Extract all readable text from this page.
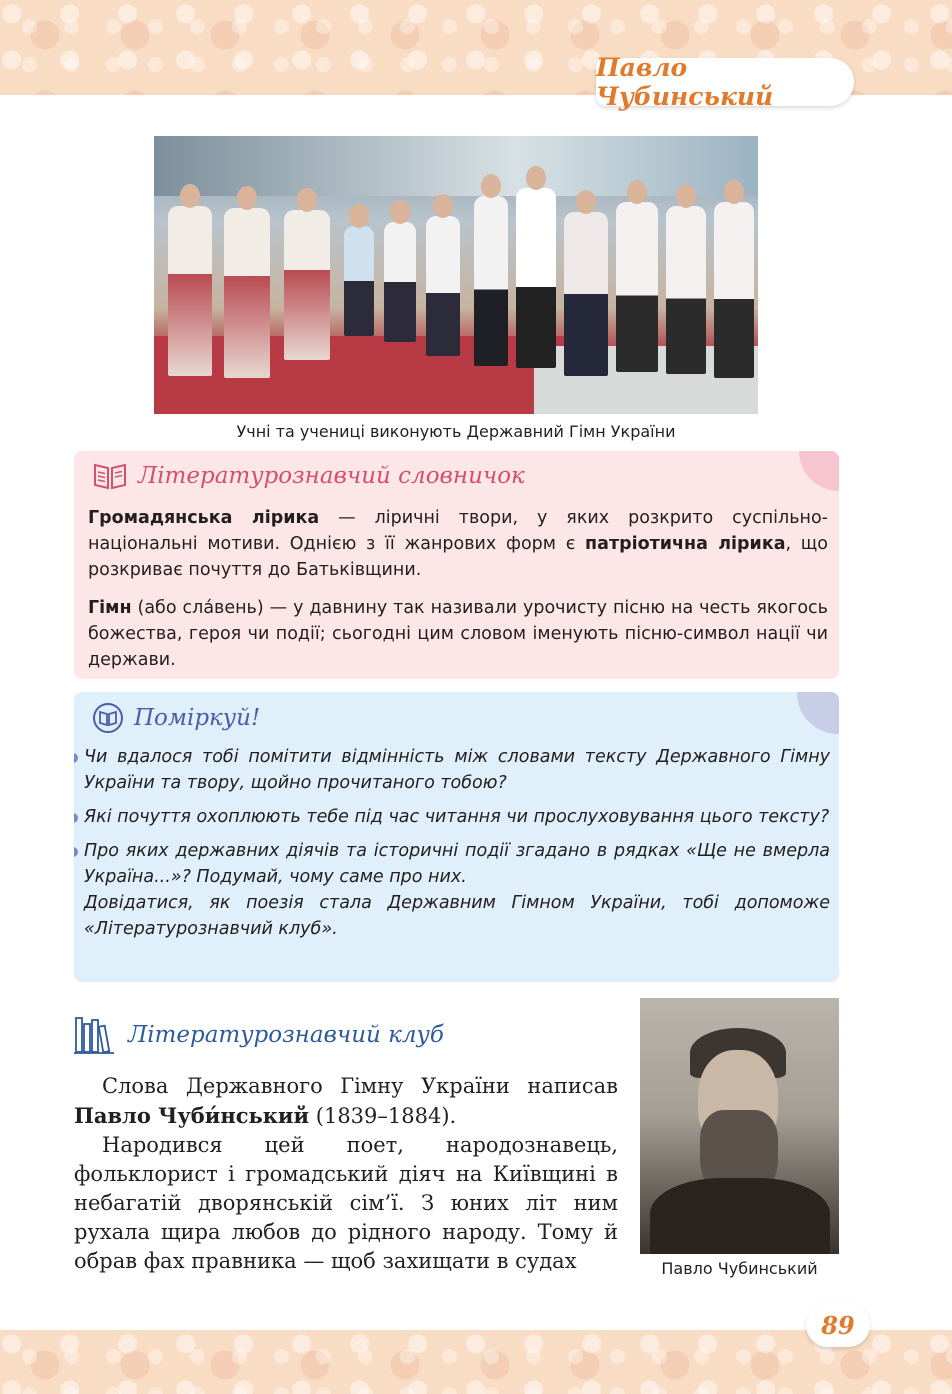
Павло Чубинський
Учні та учениці виконують Державний Гімн України
Літературознавчий словничок

Громадянська лірика — ліричні твори, у яких розкрито суспільно-національні мотиви. Однією з її жанрових форм є патріотична лірика, що розкриває почуття до Батьківщини.

Гімн (або сла́вень) — у давнину так називали урочисту пісню на честь якогось божества, героя чи події; сьогодні цим словом іменують пісню-символ нації чи держави.

Поміркуй!
Чи вдалося тобі помітити відмінність між словами тексту Державного Гімну України та твору, щойно прочитаного тобою?
Які почуття охоплюють тебе під час читання чи прослуховування цього тексту?
Про яких державних діячів та історичні події згадано в рядках «Ще не вмерла Україна...»? Подумай, чому саме про них.
Довідатися, як поезія стала Державним Гімном України, тобі допоможе «Літературознавчий клуб».
Літературознавчий клуб

Слова Державного Гімну України написав Павло Чуби́нський (1839–1884).

Народився цей поет, народознавець, фольклорист і громадський діяч на Київщині в небагатій дворянській сім’ї. З юних літ ним рухала щира любов до рідного народу. Тому й обрав фах правника — щоб захищати в судах	Павло Чубинський
89
